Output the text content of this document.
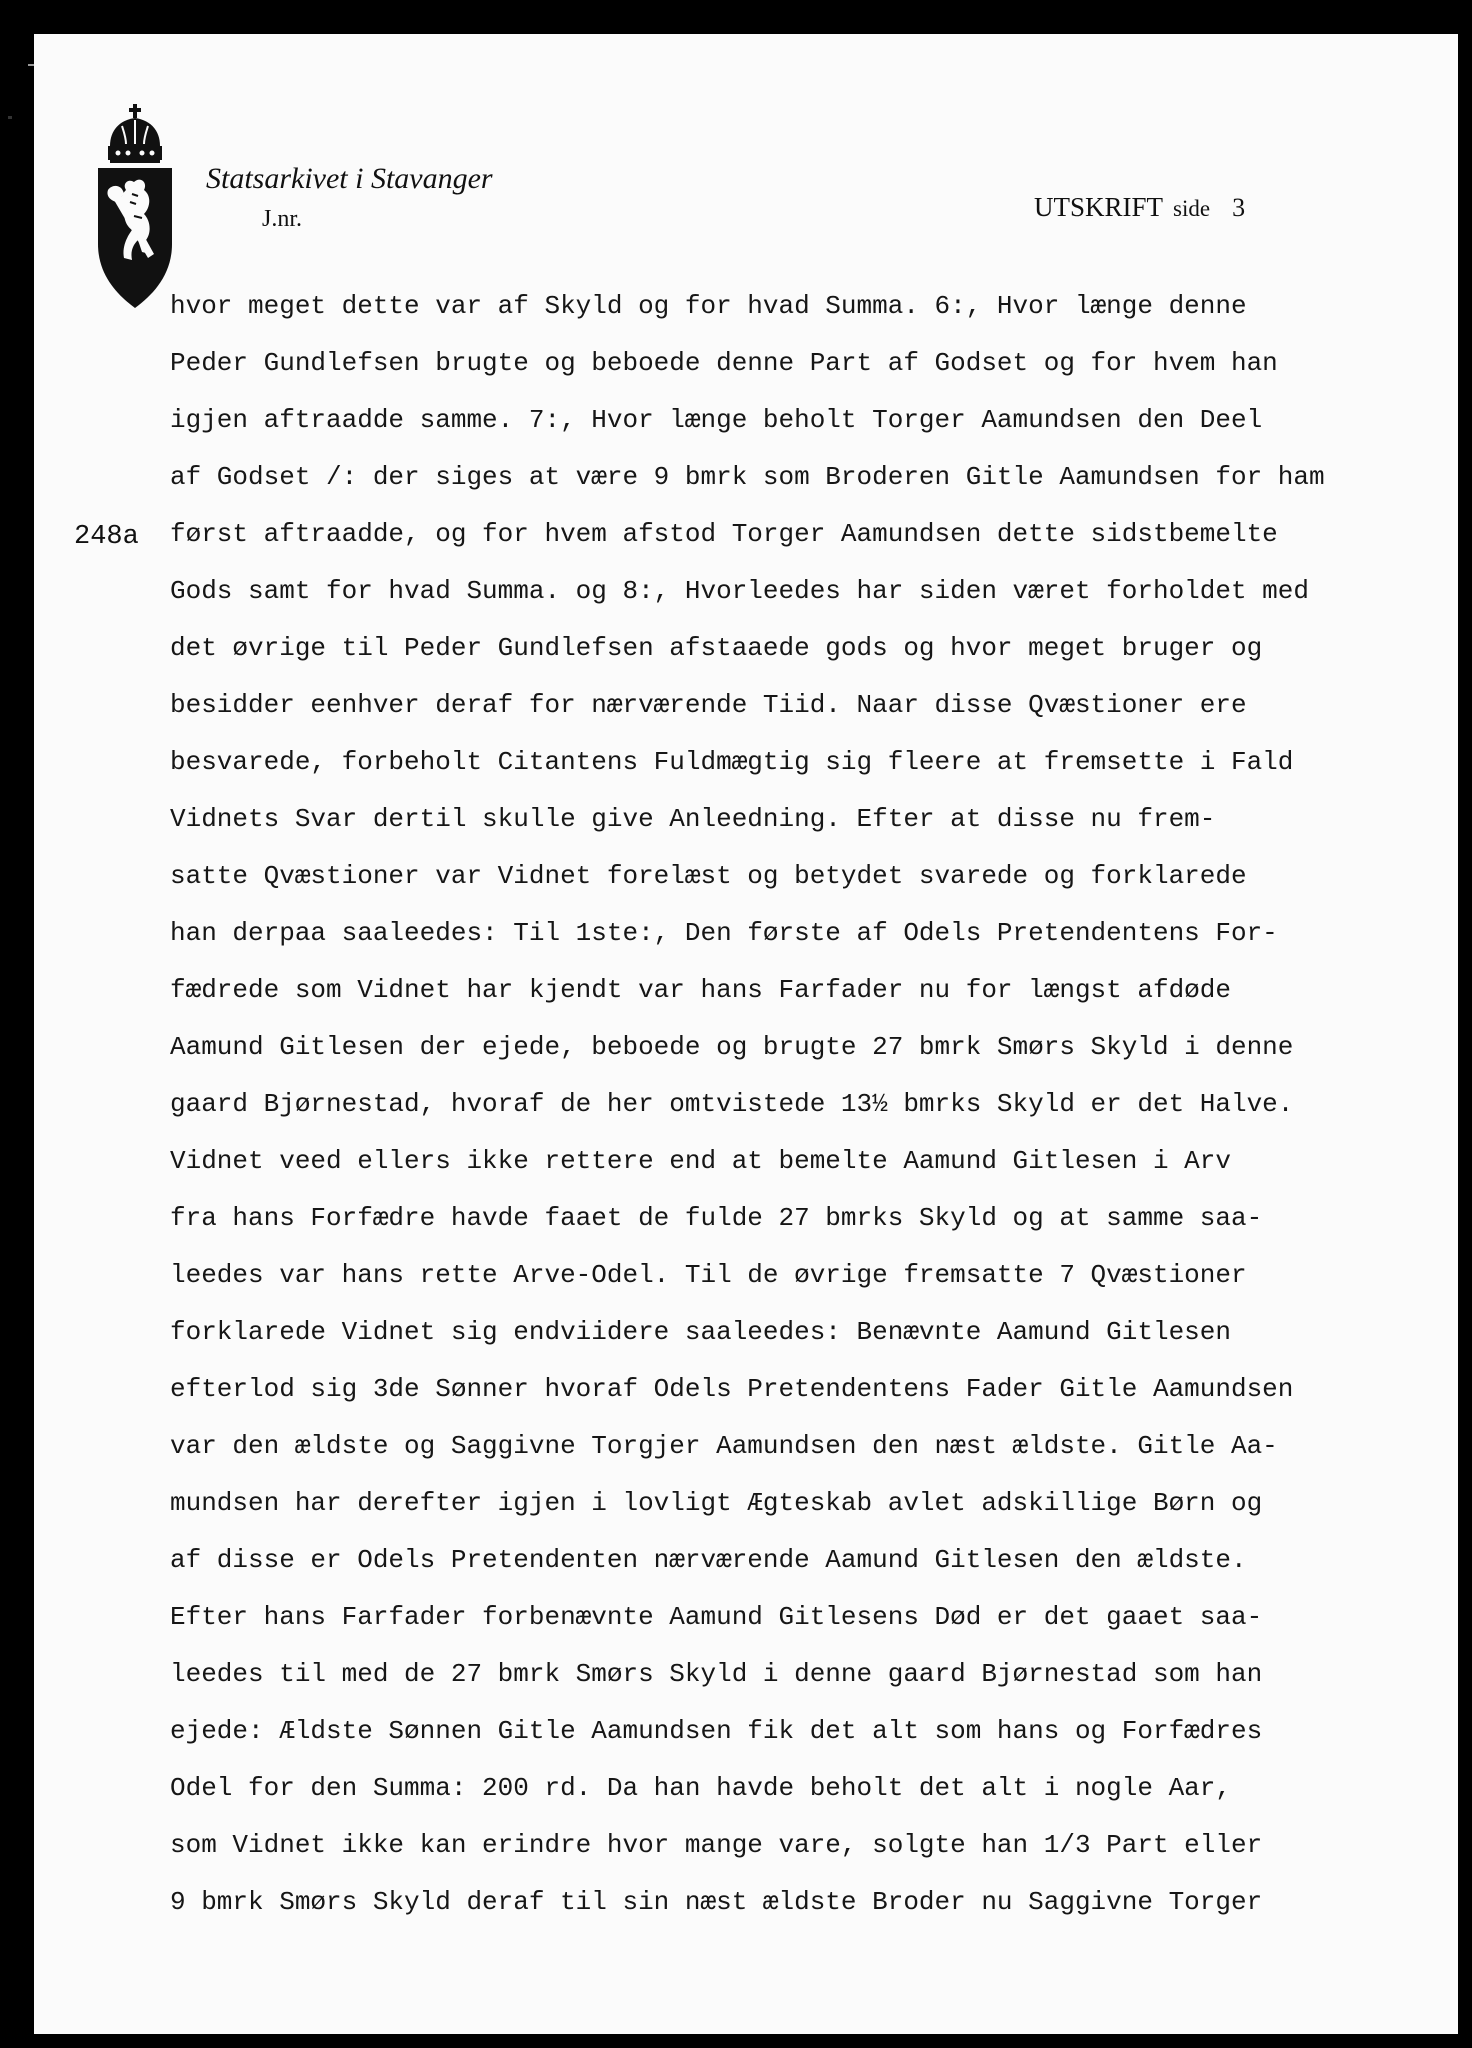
Statsarkivet i Stavanger
J.nr.	UTSKRIFT side 3
248a
hvor meget dette var af Skyld og for hvad Summa. 6:, Hvor længe denne
Peder Gundlefsen brugte og beboede denne Part af Godset og for hvem han
igjen aftraadde samme. 7:, Hvor længe beholt Torger Aamundsen den Deel
af Godset /: der siges at være 9 bmrk som Broderen Gitle Aamundsen for ham
først aftraadde, og for hvem afstod Torger Aamundsen dette sidstbemelte
Gods samt for hvad Summa. og 8:, Hvorleedes har siden været forholdet med
det øvrige til Peder Gundlefsen afstaaede gods og hvor meget bruger og
besidder eenhver deraf for nærværende Tiid. Naar disse Qvæstioner ere
besvarede, forbeholt Citantens Fuldmægtig sig fleere at fremsette i Fald
Vidnets Svar dertil skulle give Anleedning. Efter at disse nu frem-
satte Qvæstioner var Vidnet forelæst og betydet svarede og forklarede
han derpaa saaleedes: Til 1ste:, Den første af Odels Pretendentens For-
fædrede som Vidnet har kjendt var hans Farfader nu for længst afdøde
Aamund Gitlesen der ejede, beboede og brugte 27 bmrk Smørs Skyld i denne
gaard Bjørnestad, hvoraf de her omtvistede 13½ bmrks Skyld er det Halve.
Vidnet veed ellers ikke rettere end at bemelte Aamund Gitlesen i Arv
fra hans Forfædre havde faaet de fulde 27 bmrks Skyld og at samme saa-
leedes var hans rette Arve-Odel. Til de øvrige fremsatte 7 Qvæstioner
forklarede Vidnet sig endviidere saaleedes: Benævnte Aamund Gitlesen
efterlod sig 3de Sønner hvoraf Odels Pretendentens Fader Gitle Aamundsen
var den ældste og Saggivne Torgjer Aamundsen den næst ældste. Gitle Aa-
mundsen har derefter igjen i lovligt Ægteskab avlet adskillige Børn og
af disse er Odels Pretendenten nærværende Aamund Gitlesen den ældste.
Efter hans Farfader forbenævnte Aamund Gitlesens Død er det gaaet saa-
leedes til med de 27 bmrk Smørs Skyld i denne gaard Bjørnestad som han
ejede: Ældste Sønnen Gitle Aamundsen fik det alt som hans og Forfædres
Odel for den Summa: 200 rd. Da han havde beholt det alt i nogle Aar,
som Vidnet ikke kan erindre hvor mange vare, solgte han 1/3 Part eller
9 bmrk Smørs Skyld deraf til sin næst ældste Broder nu Saggivne Torger
